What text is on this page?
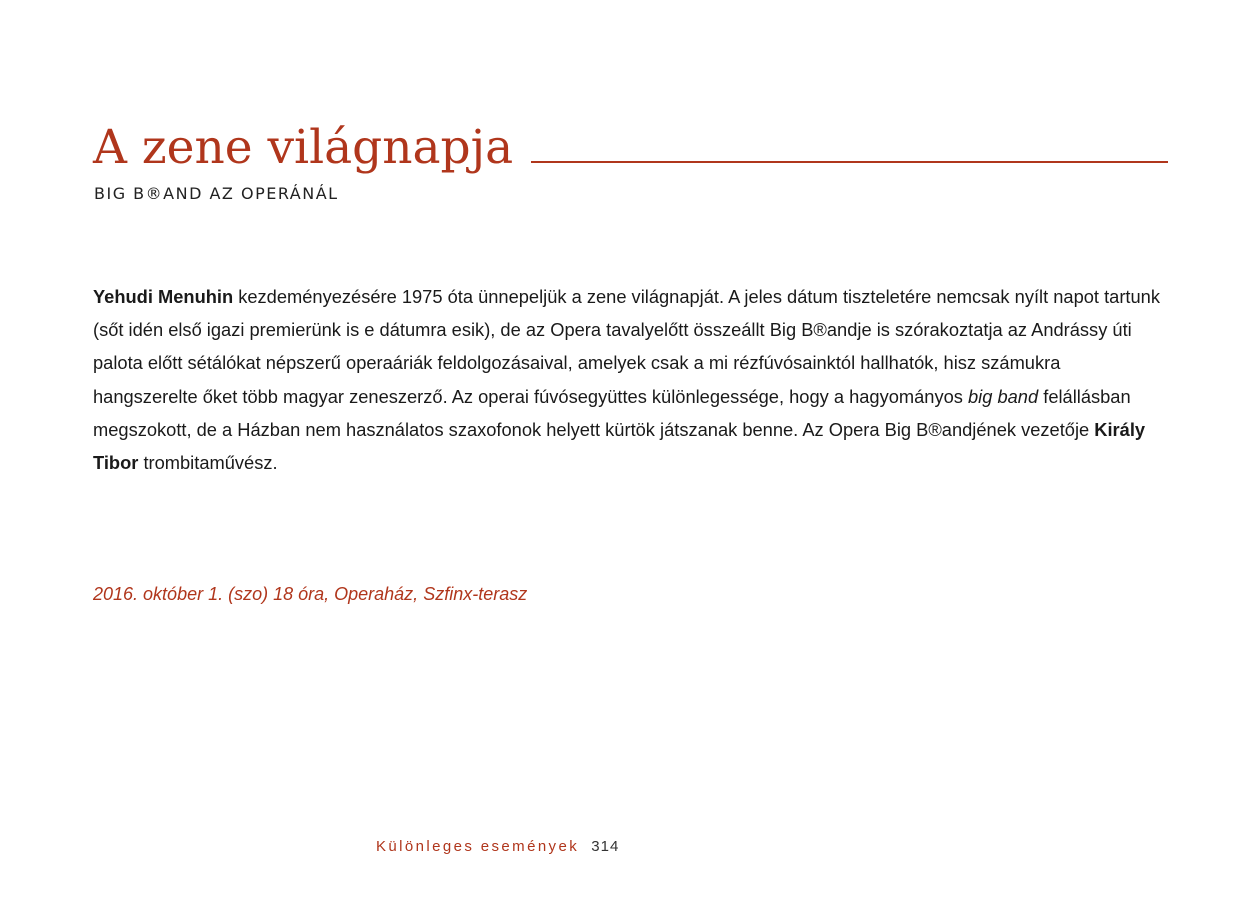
A zene világnapja
BIG B®AND AZ OPERÁNÁL

Yehudi Menuhin kezdeményezésére 1975 óta ünnepeljük a zene világnapját. A jeles dátum tiszteletére nemcsak nyílt napot tartunk (sőt idén első igazi premierünk is e dátumra esik), de az Opera tavalyelőtt összeállt Big B®andje is szórakoztatja az Andrássy úti palota előtt sétálókat népszerű operaáriák feldolgozásaival, amelyek csak a mi rézfúvósainktól hallhatók, hisz számukra hangszerelte őket több magyar zeneszerző. Az operai fúvósegyüttes különlegessége, hogy a hagyományos big band felállásban megszokott, de a Házban nem használatos szaxofonok helyett kürtök játszanak benne. Az Opera Big B®andjének vezetője Király Tibor trombitaművész.

2016. október 1. (szo) 18 óra, Operaház, Szfinx-terasz
Különleges események 314
